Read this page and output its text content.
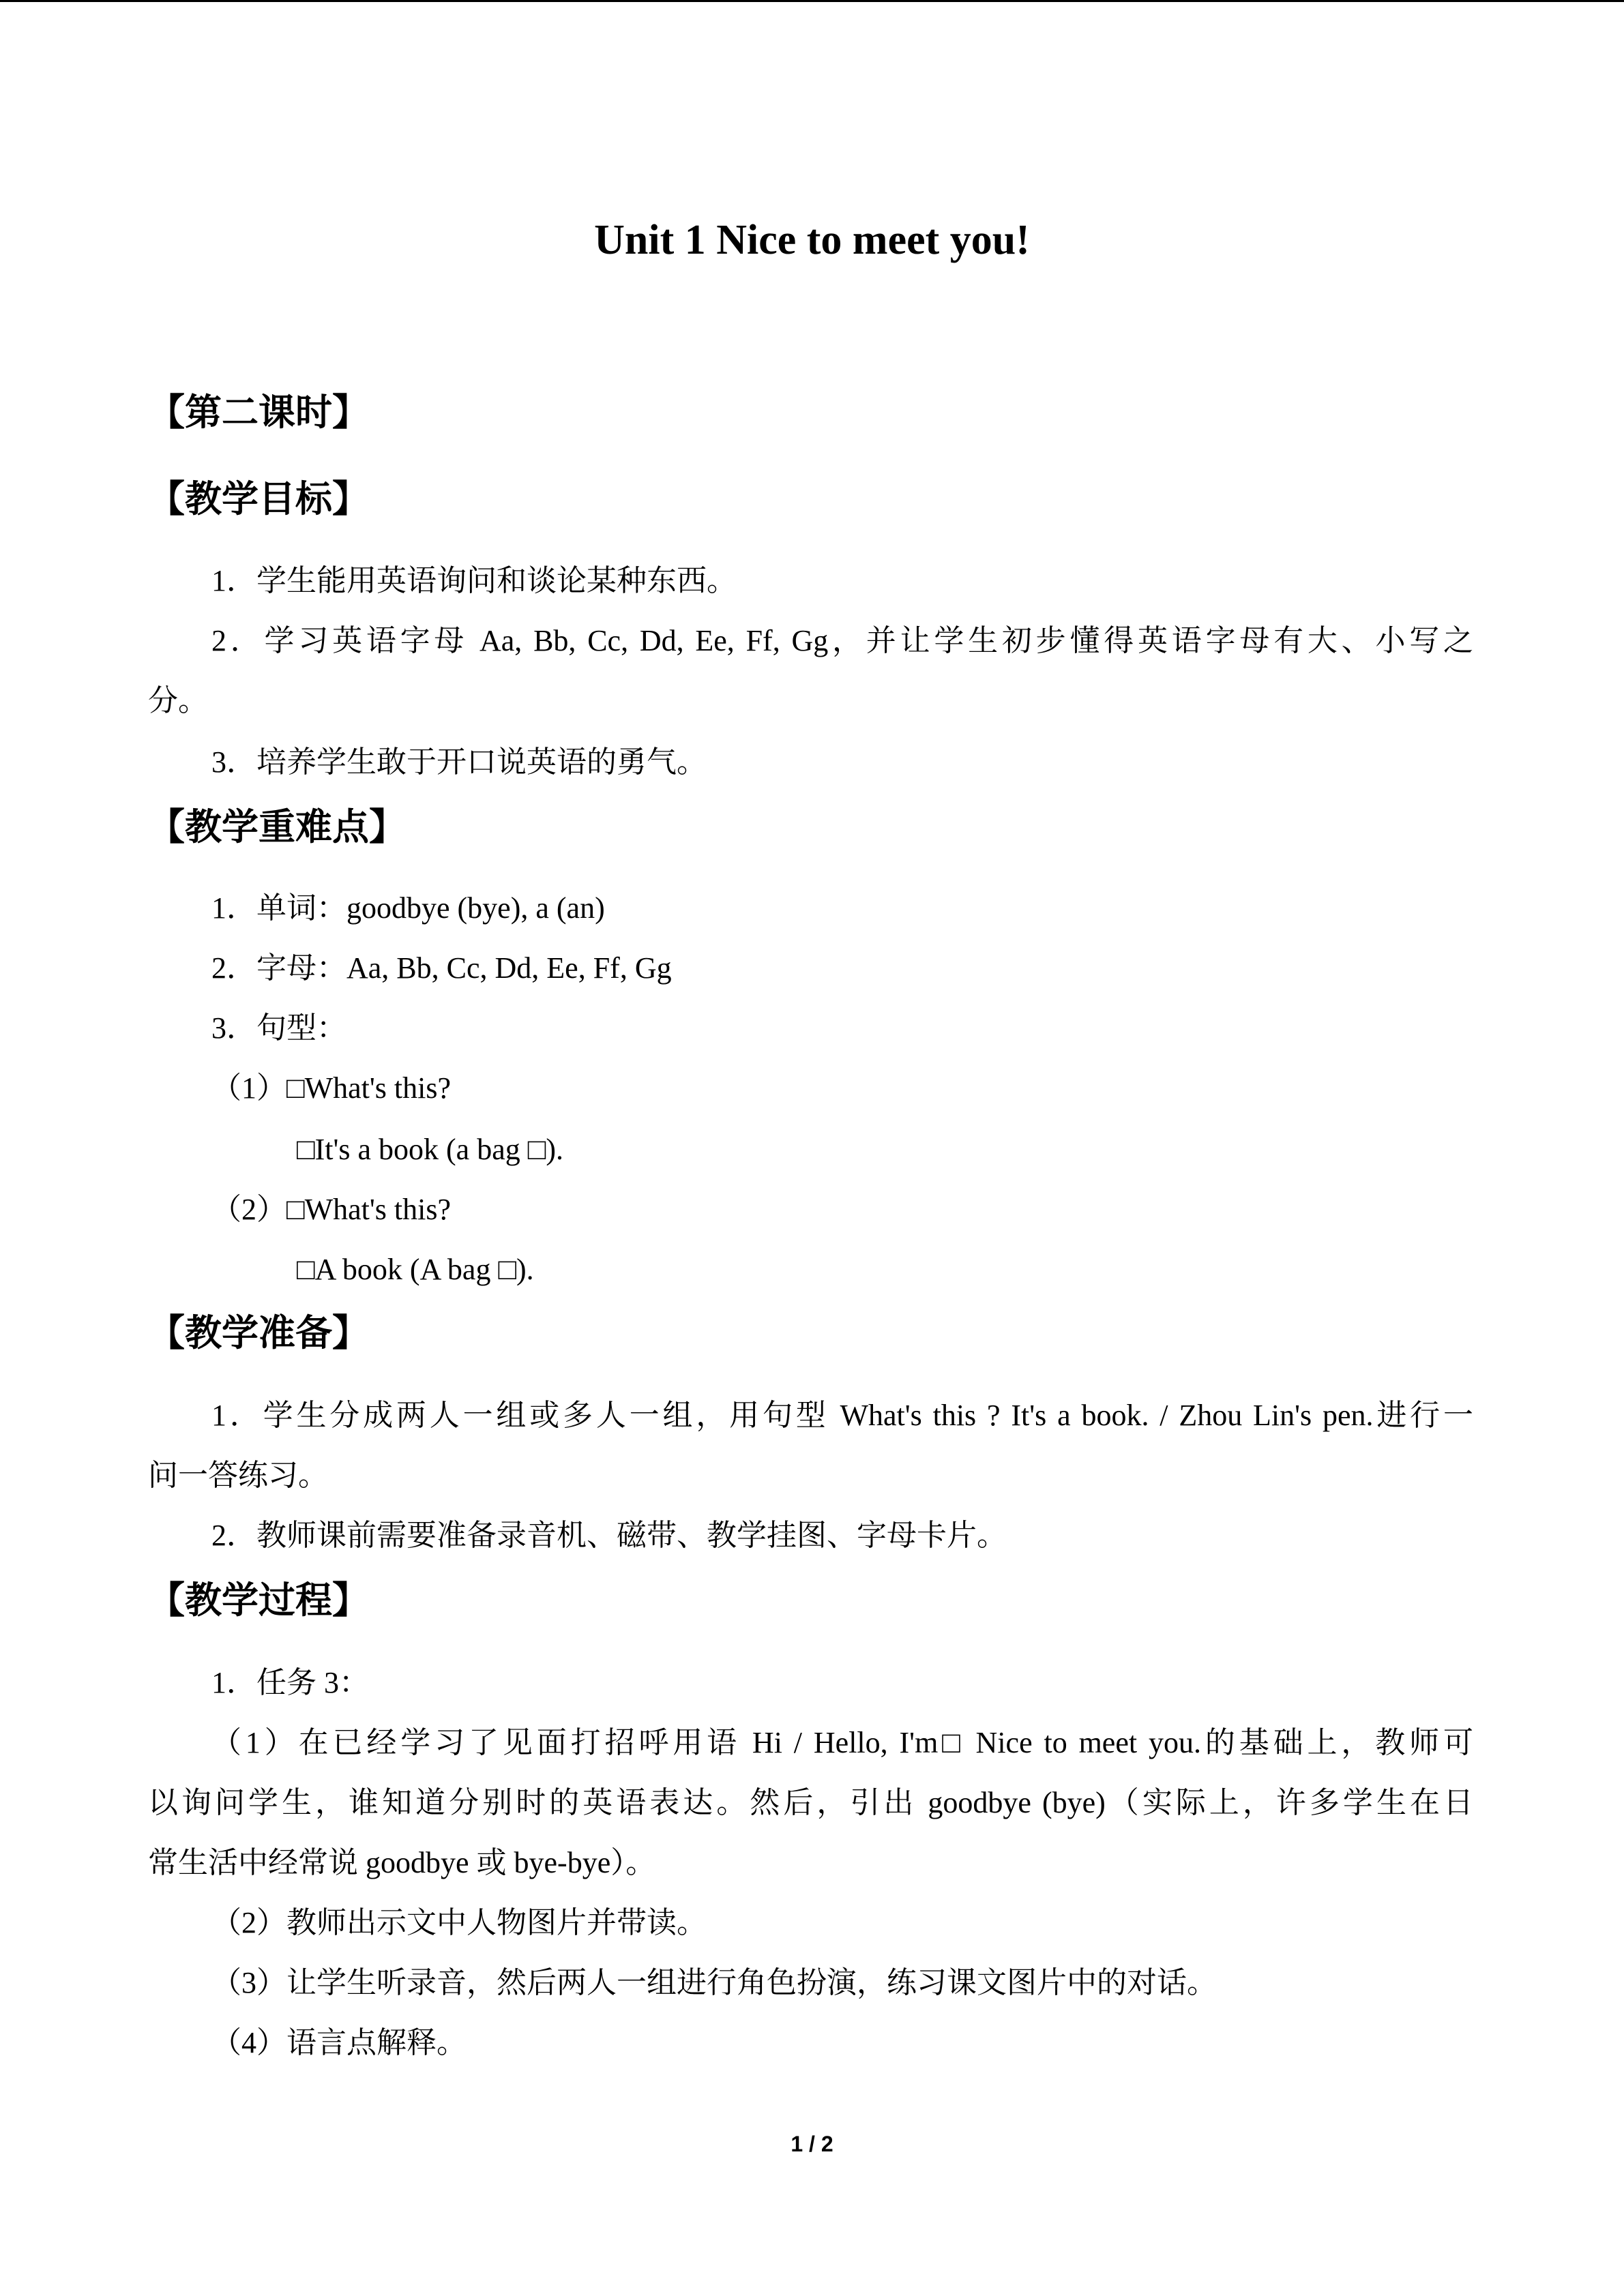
Unit 1 Nice to meet you!
【第二课时】
【教学目标】
1．学生能用英语询问和谈论某种东西。
2．学习英语字母 Aa, Bb, Cc, Dd, Ee, Ff, Gg，并让学生初步懂得英语字母有大、小写之
分。
3．培养学生敢于开口说英语的勇气。
【教学重难点】
1．单词：goodbye (bye), a (an)
2．字母：Aa, Bb, Cc, Dd, Ee, Ff, Gg
3．句型：
（1）□What's this?
□It's a book (a bag □).
（2）□What's this?
□A book (A bag □).
【教学准备】
1．学生分成两人一组或多人一组，用句型 What's this ? It's a book. / Zhou Lin's pen.进行一
问一答练习。
2．教师课前需要准备录音机、磁带、教学挂图、字母卡片。
【教学过程】
1．任务 3：
（1）在已经学习了见面打招呼用语 Hi / Hello, I'm□ Nice to meet you.的基础上，教师可
以询问学生，谁知道分别时的英语表达。然后，引出 goodbye (bye)（实际上，许多学生在日
常生活中经常说 goodbye 或 bye-bye）。
（2）教师出示文中人物图片并带读。
（3）让学生听录音，然后两人一组进行角色扮演，练习课文图片中的对话。
（4）语言点解释。
1 / 2
